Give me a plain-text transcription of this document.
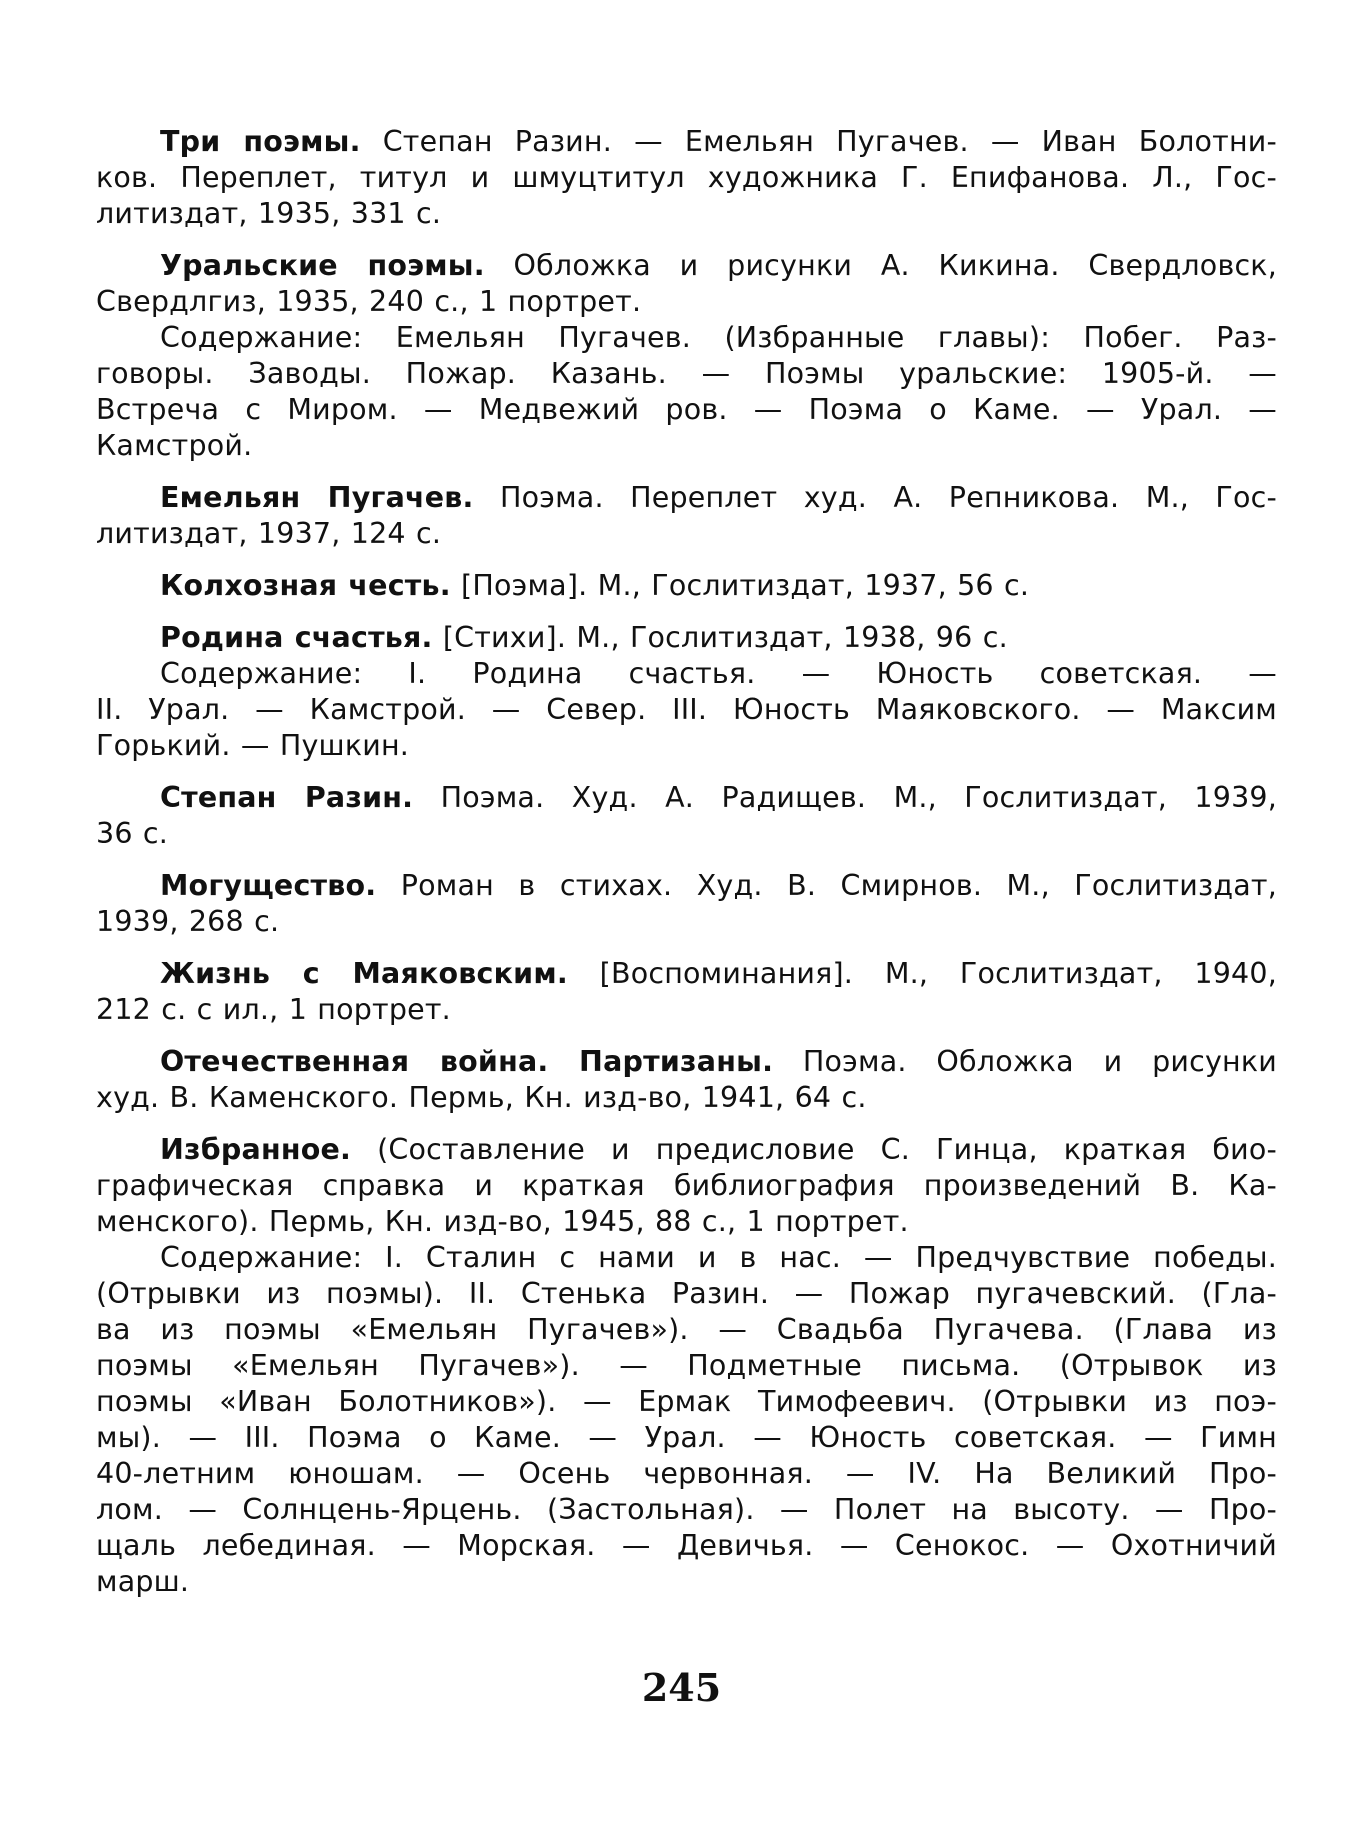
Три поэмы. Степан Разин. — Емельян Пугачев. — Иван Болотни-
ков. Переплет, титул и шмуцтитул художника Г. Епифанова. Л., Гос-
литиздат, 1935, 331 с.
Уральские поэмы. Обложка и рисунки А. Кикина. Свердловск,
Свердлгиз, 1935, 240 с., 1 портрет.
Содержание: Емельян Пугачев. (Избранные главы): Побег. Раз-
говоры. Заводы. Пожар. Казань. — Поэмы уральские: 1905-й. —
Встреча с Миром. — Медвежий ров. — Поэма о Каме. — Урал. —
Камстрой.
Емельян Пугачев. Поэма. Переплет худ. А. Репникова. М., Гос-
литиздат, 1937, 124 с.
Колхозная честь. [Поэма]. М., Гослитиздат, 1937, 56 с.
Родина счастья. [Стихи]. М., Гослитиздат, 1938, 96 с.
Содержание: I. Родина счастья. — Юность советская. —
II. Урал. — Камстрой. — Север. III. Юность Маяковского. — Максим
Горький. — Пушкин.
Степан Разин. Поэма. Худ. А. Радищев. М., Гослитиздат, 1939,
36 с.
Могущество. Роман в стихах. Худ. В. Смирнов. М., Гослитиздат,
1939, 268 с.
Жизнь с Маяковским. [Воспоминания]. М., Гослитиздат, 1940,
212 с. с ил., 1 портрет.
Отечественная война. Партизаны. Поэма. Обложка и рисунки
худ. В. Каменского. Пермь, Кн. изд-во, 1941, 64 с.
Избранное. (Составление и предисловие С. Гинца, краткая био-
графическая справка и краткая библиография произведений В. Ка-
менского). Пермь, Кн. изд-во, 1945, 88 с., 1 портрет.
Содержание: I. Сталин с нами и в нас. — Предчувствие победы.
(Отрывки из поэмы). II. Стенька Разин. — Пожар пугачевский. (Гла-
ва из поэмы «Емельян Пугачев»). — Свадьба Пугачева. (Глава из
поэмы «Емельян Пугачев»). — Подметные письма. (Отрывок из
поэмы «Иван Болотников»). — Ермак Тимофеевич. (Отрывки из поэ-
мы). — III. Поэма о Каме. — Урал. — Юность советская. — Гимн
40-летним юношам. — Осень червонная. — IV. На Великий Про-
лом. — Солнцень-Ярцень. (Застольная). — Полет на высоту. — Про-
щаль лебединая. — Морская. — Девичья. — Сенокос. — Охотничий
марш.
245
